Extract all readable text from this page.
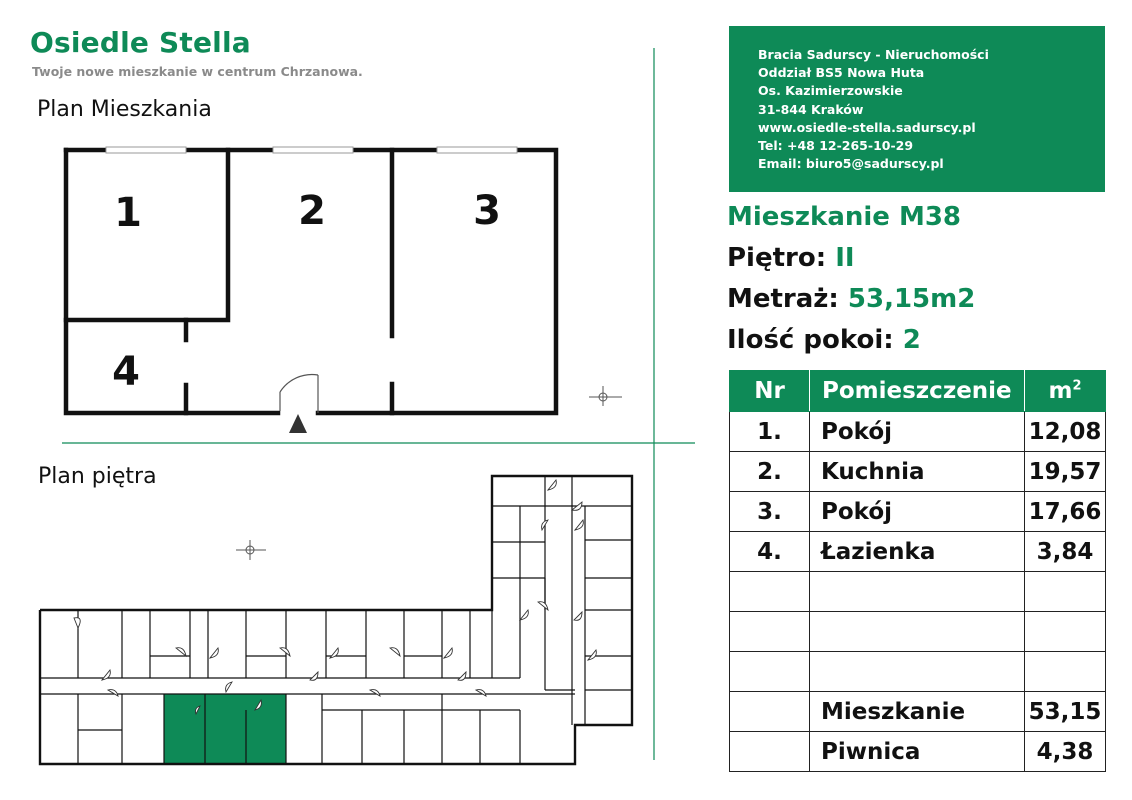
Osiedle Stella
Twoje nowe mieszkanie w centrum Chrzanowa.
Plan Mieszkania
Plan piętra
1	2	3
4
Bracia Sadurscy - Nieruchomości
Oddział BS5 Nowa Huta
Os. Kazimierzowskie
31-844 Kraków
www.osiedle-stella.sadurscy.pl
Tel: +48 12-265-10-29
Email: biuro5@sadurscy.pl
Mieszkanie M38
Piętro: II
Metraż: 53,15m2
Ilość pokoi: 2
Nr	Pomieszczenie	$m^2$
1.	Pokój	12,08
2.	Kuchnia	19,57
3.	Pokój	17,66
4.	Łazienka	3,84

	Mieszkanie	53,15
	Piwnica	4,38
